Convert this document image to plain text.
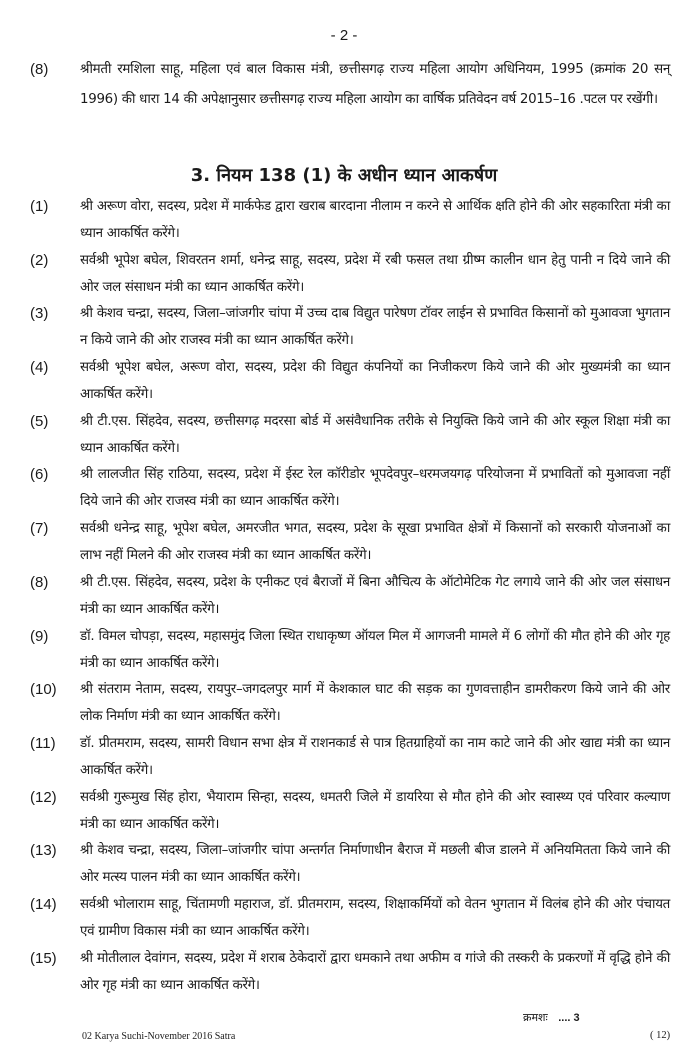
- 2 -
(8) श्रीमती रमशिला साहू, महिला एवं बाल विकास मंत्री, छत्तीसगढ़ राज्य महिला आयोग अधिनियम, 1995 (क्रमांक 20 सन् 1996) की धारा 14 की अपेक्षानुसार छत्तीसगढ़ राज्य महिला आयोग का वार्षिक प्रतिवेदन वर्ष 2015–16 .पटल पर रखेंगी।
3. नियम 138 (1) के अधीन ध्यान आकर्षण
(1) श्री अरूण वोरा, सदस्य, प्रदेश में मार्कफेड द्वारा खराब बारदाना नीलाम न करने से आर्थिक क्षति होने की ओर सहकारिता मंत्री का ध्यान आकर्षित करेंगे।
(2) सर्वश्री भूपेश बघेल, शिवरतन शर्मा, धनेन्द्र साहू, सदस्य, प्रदेश में रबी फसल तथा ग्रीष्म कालीन धान हेतु पानी न दिये जाने की ओर जल संसाधन मंत्री का ध्यान आकर्षित करेंगे।
(3) श्री केशव चन्द्रा, सदस्य, जिला–जांजगीर चांपा में उच्च दाब विद्युत पारेषण टॉवर लाईन से प्रभावित किसानों को मुआवजा भुगतान न किये जाने की ओर राजस्व मंत्री का ध्यान आकर्षित करेंगे।
(4) सर्वश्री भूपेश बघेल, अरूण वोरा, सदस्य, प्रदेश की विद्युत कंपनियों का निजीकरण किये जाने की ओर मुख्यमंत्री का ध्यान आकर्षित करेंगे।
(5) श्री टी.एस. सिंहदेव, सदस्य, छत्तीसगढ़ मदरसा बोर्ड में असंवैधानिक तरीके से नियुक्ति किये जाने की ओर स्कूल शिक्षा मंत्री का ध्यान आकर्षित करेंगे।
(6) श्री लालजीत सिंह राठिया, सदस्य, प्रदेश में ईस्ट रेल कॉरीडोर भूपदेवपुर–धरमजयगढ़ परियोजना में प्रभावितों को मुआवजा नहीं दिये जाने की ओर राजस्व मंत्री का ध्यान आकर्षित करेंगे।
(7) सर्वश्री धनेन्द्र साहू, भूपेश बघेल, अमरजीत भगत, सदस्य, प्रदेश के सूखा प्रभावित क्षेत्रों में किसानों को सरकारी योजनाओं का लाभ नहीं मिलने की ओर राजस्व मंत्री का ध्यान आकर्षित करेंगे।
(8) श्री टी.एस. सिंहदेव, सदस्य, प्रदेश के एनीकट एवं बैराजों में बिना औचित्य के ऑटोमेटिक गेट लगाये जाने की ओर जल संसाधन मंत्री का ध्यान आकर्षित करेंगे।
(9) डॉ. विमल चोपड़ा, सदस्य, महासमुंद जिला स्थित राधाकृष्ण ऑयल मिल में आगजनी मामले में 6 लोगों की मौत होने की ओर गृह मंत्री का ध्यान आकर्षित करेंगे।
(10) श्री संतराम नेताम, सदस्य, रायपुर–जगदलपुर मार्ग में केशकाल घाट की सड़क का गुणवत्ताहीन डामरीकरण किये जाने की ओर लोक निर्माण मंत्री का ध्यान आकर्षित करेंगे।
(11) डॉ. प्रीतमराम, सदस्य, सामरी विधान सभा क्षेत्र में राशनकार्ड से पात्र हितग्राहियों का नाम काटे जाने की ओर खाद्य मंत्री का ध्यान आकर्षित करेंगे।
(12) सर्वश्री गुरूमुख सिंह होरा, भैयाराम सिन्हा, सदस्य, धमतरी जिले में डायरिया से मौत होने की ओर स्वास्थ्य एवं परिवार कल्याण मंत्री का ध्यान आकर्षित करेंगे।
(13) श्री केशव चन्द्रा, सदस्य, जिला–जांजगीर चांपा अन्तर्गत निर्माणाधीन बैराज में मछली बीज डालने में अनियमितता किये जाने की ओर मत्स्य पालन मंत्री का ध्यान आकर्षित करेंगे।
(14) सर्वश्री भोलाराम साहू, चिंतामणी महाराज, डॉ. प्रीतमराम, सदस्य, शिक्षाकर्मियों को वेतन भुगतान में विलंब होने की ओर पंचायत एवं ग्रामीण विकास मंत्री का ध्यान आकर्षित करेंगे।
(15) श्री मोतीलाल देवांगन, सदस्य, प्रदेश में शराब ठेकेदारों द्वारा धमकाने तथा अफीम व गांजे की तस्करी के प्रकरणों में वृद्धि होने की ओर गृह मंत्री का ध्यान आकर्षित करेंगे।
क्रमशः .... 3
02 Karya Suchi-November 2016 Satra	( 12)
